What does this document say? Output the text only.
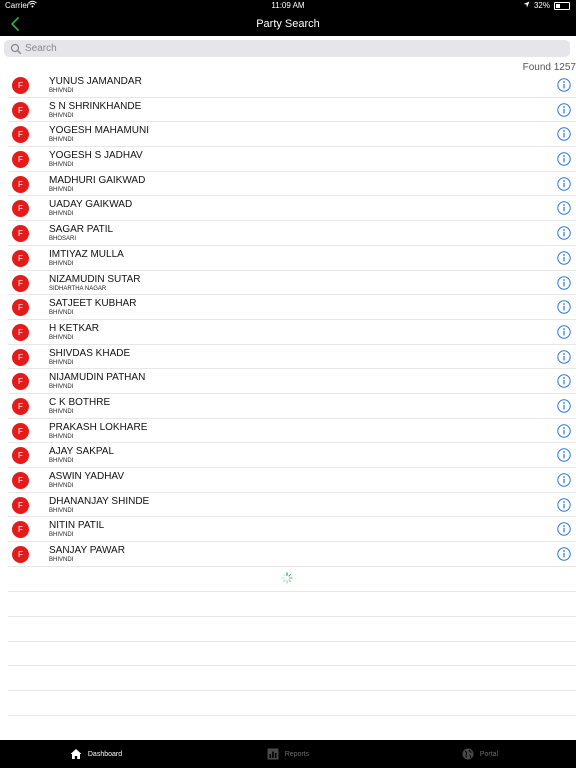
Carrier	11:09 AM	32%
Party Search
Search
Found 1257
F	YUNUS JAMANDAR
BHIVNDI
F	S N SHRINKHANDE
BHIVNDI
F	YOGESH MAHAMUNI
BHIVNDI
F	YOGESH S JADHAV
BHIVNDI
F	MADHURI GAIKWAD
BHIVNDI
F	UADAY GAIKWAD
BHIVNDI
F	SAGAR PATIL
BHOSARI
F	IMTIYAZ MULLA
BHIVNDI
F	NIZAMUDIN SUTAR
SIDHARTHA NAGAR
F	SATJEET KUBHAR
BHIVNDI
F	H KETKAR
BHIVNDI
F	SHIVDAS KHADE
BHIVNDI
F	NIJAMUDIN PATHAN
BHIVNDI
F	C K BOTHRE
BHIVNDI
F	PRAKASH LOKHARE
BHIVNDI
F	AJAY SAKPAL
BHIVNDI
F	ASWIN YADHAV
BHIVNDI
F	DHANANJAY SHINDE
BHIVNDI
F	NITIN PATIL
BHIVNDI
F	SANJAY PAWAR
BHIVNDI
Dashboard	Reports	Portal
